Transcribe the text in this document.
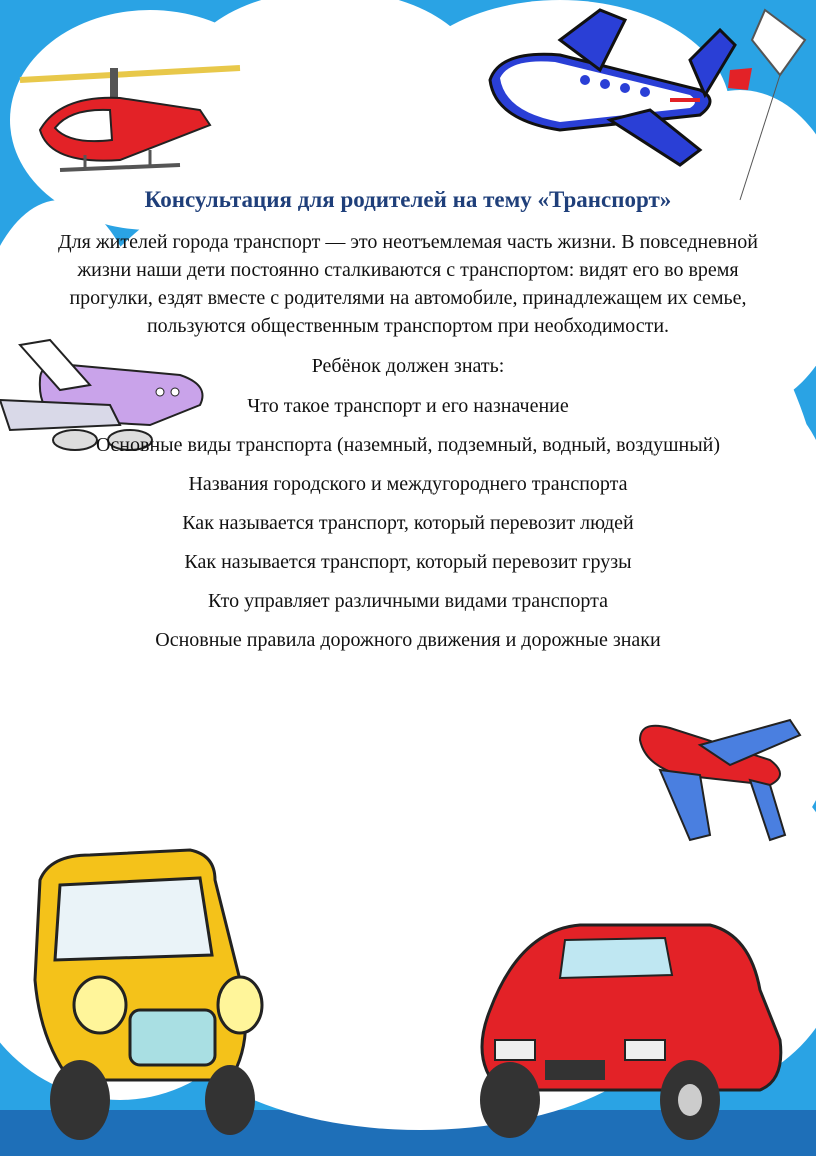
Консультация для родителей на тему «Транспорт»

Для жителей города транспорт — это неотъемлемая часть жизни. В повседневной жизни наши дети постоянно сталкиваются с транспортом: видят его во время прогулки, ездят вместе с родителями на автомобиле, принадлежащем их семье, пользуются общественным транспортом при необходимости.

Ребёнок должен знать:

Что такое транспорт и его назначение
Основные виды транспорта (наземный, подземный, водный, воздушный)
Названия городского и междугороднего транспорта
Как называется транспорт, который перевозит людей
Как называется транспорт, который перевозит грузы
Кто управляет различными видами транспорта
Основные правила дорожного движения и дорожные знаки
